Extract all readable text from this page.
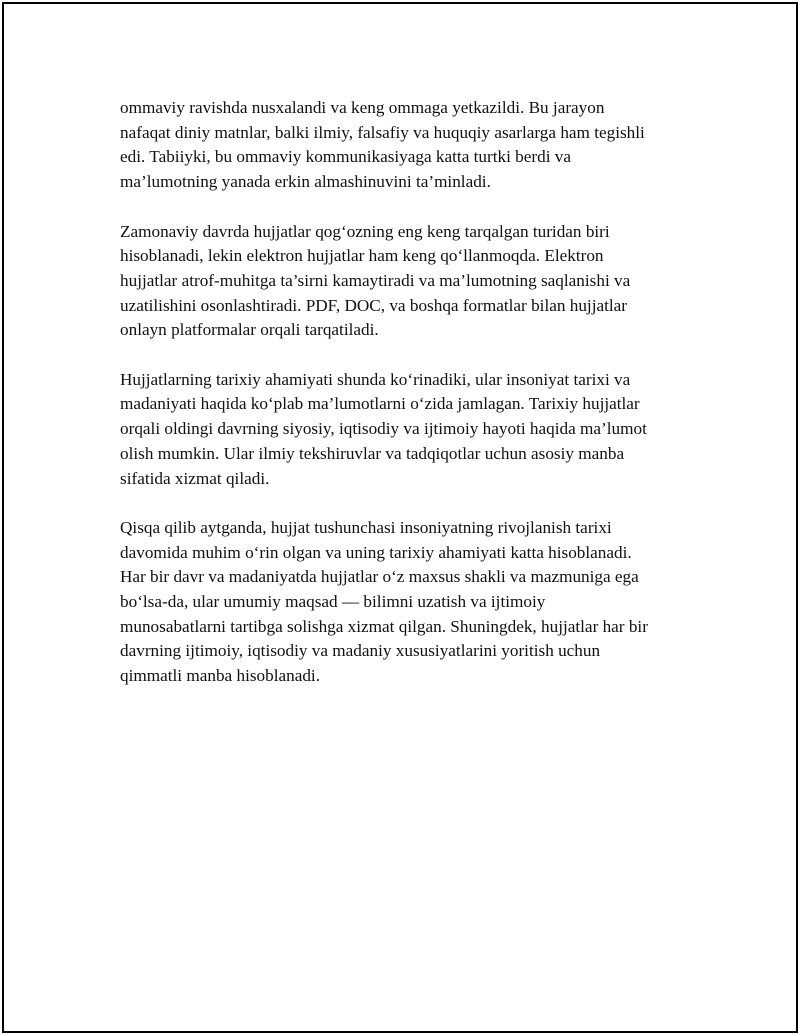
ommaviy ravishda nusxalandi va keng ommaga yetkazildi. Bu jarayon
nafaqat diniy matnlar, balki ilmiy, falsafiy va huquqiy asarlarga ham tegishli
edi. Tabiiyki, bu ommaviy kommunikasiyaga katta turtki berdi va
ma’lumotning yanada erkin almashinuvini ta’minladi.

Zamonaviy davrda hujjatlar qog‘ozning eng keng tarqalgan turidan biri
hisoblanadi, lekin elektron hujjatlar ham keng qo‘llanmoqda. Elektron
hujjatlar atrof-muhitga ta’sirni kamaytiradi va ma’lumotning saqlanishi va
uzatilishini osonlashtiradi. PDF, DOC, va boshqa formatlar bilan hujjatlar
onlayn platformalar orqali tarqatiladi.

Hujjatlarning tarixiy ahamiyati shunda ko‘rinadiki, ular insoniyat tarixi va
madaniyati haqida ko‘plab ma’lumotlarni o‘zida jamlagan. Tarixiy hujjatlar
orqali oldingi davrning siyosiy, iqtisodiy va ijtimoiy hayoti haqida ma’lumot
olish mumkin. Ular ilmiy tekshiruvlar va tadqiqotlar uchun asosiy manba
sifatida xizmat qiladi.

Qisqa qilib aytganda, hujjat tushunchasi insoniyatning rivojlanish tarixi
davomida muhim o‘rin olgan va uning tarixiy ahamiyati katta hisoblanadi.
Har bir davr va madaniyatda hujjatlar o‘z maxsus shakli va mazmuniga ega
bo‘lsa-da, ular umumiy maqsad — bilimni uzatish va ijtimoiy
munosabatlarni tartibga solishga xizmat qilgan. Shuningdek, hujjatlar har bir
davrning ijtimoiy, iqtisodiy va madaniy xususiyatlarini yoritish uchun
qimmatli manba hisoblanadi.
